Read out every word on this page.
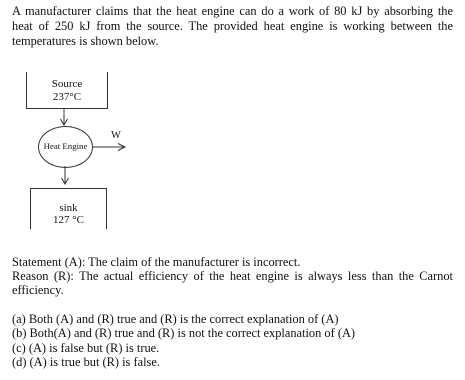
A manufacturer claims that the heat engine can do a work of 80 kJ by absorbing the

heat of 250 kJ from the source. The provided heat engine is working between the

temperatures is shown below.

Source
237°C
sink
127 °C
Heat Engine
W

Statement (A): The claim of the manufacturer is incorrect.

Reason (R): The actual efficiency of the heat engine is always less than the Carnot

efficiency.

(a) Both (A) and (R) true and (R) is the correct explanation of (A)

(b) Both(A) and (R) true and (R) is not the correct explanation of (A)

(c) (A) is false but (R) is true.

(d) (A) is true but (R) is false.
